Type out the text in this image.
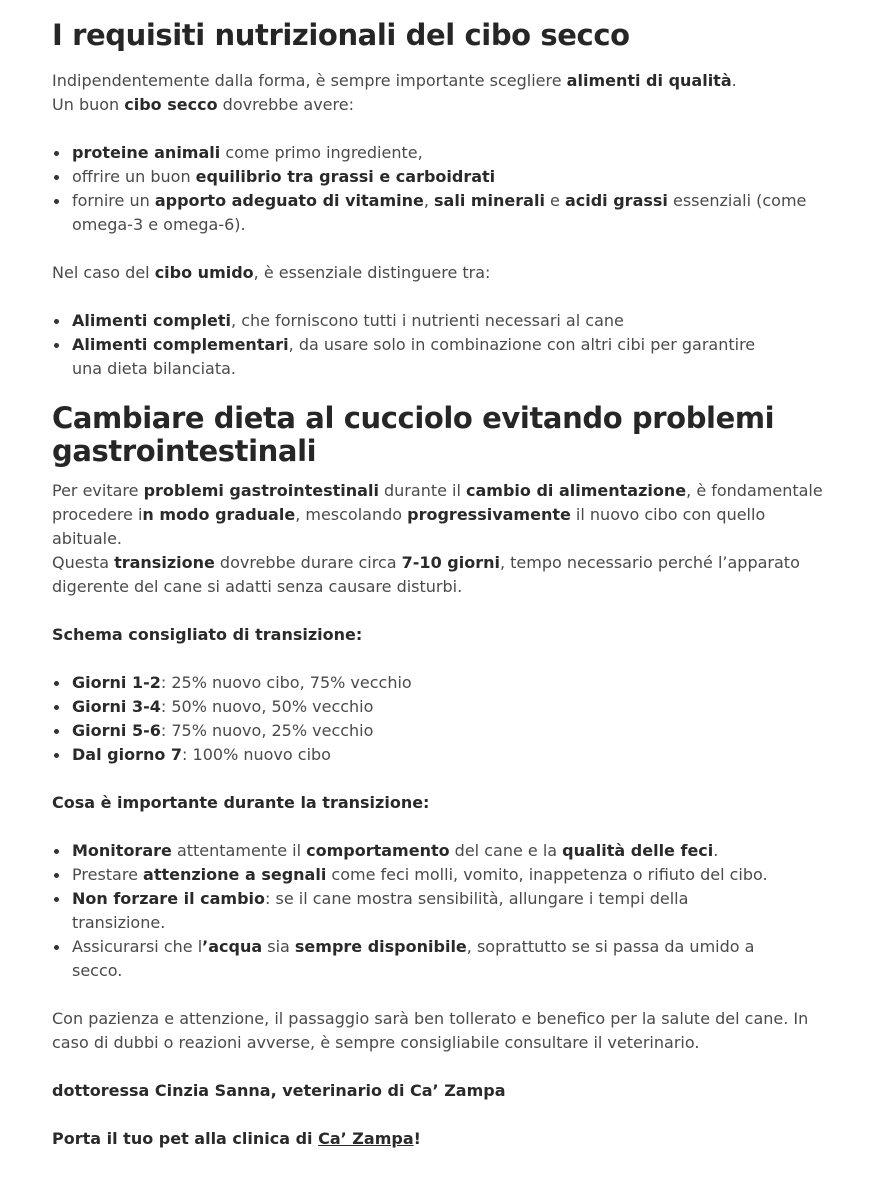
I requisiti nutrizionali del cibo secco

Indipendentemente dalla forma, è sempre importante scegliere alimenti di qualità.
Un buon cibo secco dovrebbe avere:

proteine animali come primo ingrediente,
offrire un buon equilibrio tra grassi e carboidrati
fornire un apporto adeguato di vitamine, sali minerali e acidi grassi essenziali (come
omega-3 e omega-6).

Nel caso del cibo umido, è essenziale distinguere tra:

Alimenti completi, che forniscono tutti i nutrienti necessari al cane
Alimenti complementari, da usare solo in combinazione con altri cibi per garantire
una dieta bilanciata.
Cambiare dieta al cucciolo evitando problemi
gastrointestinali

Per evitare problemi gastrointestinali durante il cambio di alimentazione, è fondamentale
procedere in modo graduale, mescolando progressivamente il nuovo cibo con quello
abituale.
Questa transizione dovrebbe durare circa 7-10 giorni, tempo necessario perché l’apparato
digerente del cane si adatti senza causare disturbi.

Schema consigliato di transizione:

Giorni 1-2: 25% nuovo cibo, 75% vecchio
Giorni 3-4: 50% nuovo, 50% vecchio
Giorni 5-6: 75% nuovo, 25% vecchio
Dal giorno 7: 100% nuovo cibo

Cosa è importante durante la transizione:

Monitorare attentamente il comportamento del cane e la qualità delle feci.
Prestare attenzione a segnali come feci molli, vomito, inappetenza o rifiuto del cibo.
Non forzare il cambio: se il cane mostra sensibilità, allungare i tempi della
transizione.
Assicurarsi che l’acqua sia sempre disponibile, soprattutto se si passa da umido a
secco.

Con pazienza e attenzione, il passaggio sarà ben tollerato e benefico per la salute del cane. In
caso di dubbi o reazioni avverse, è sempre consigliabile consultare il veterinario.

dottoressa Cinzia Sanna, veterinario di Ca’ Zampa

Porta il tuo pet alla clinica di Ca’ Zampa!
